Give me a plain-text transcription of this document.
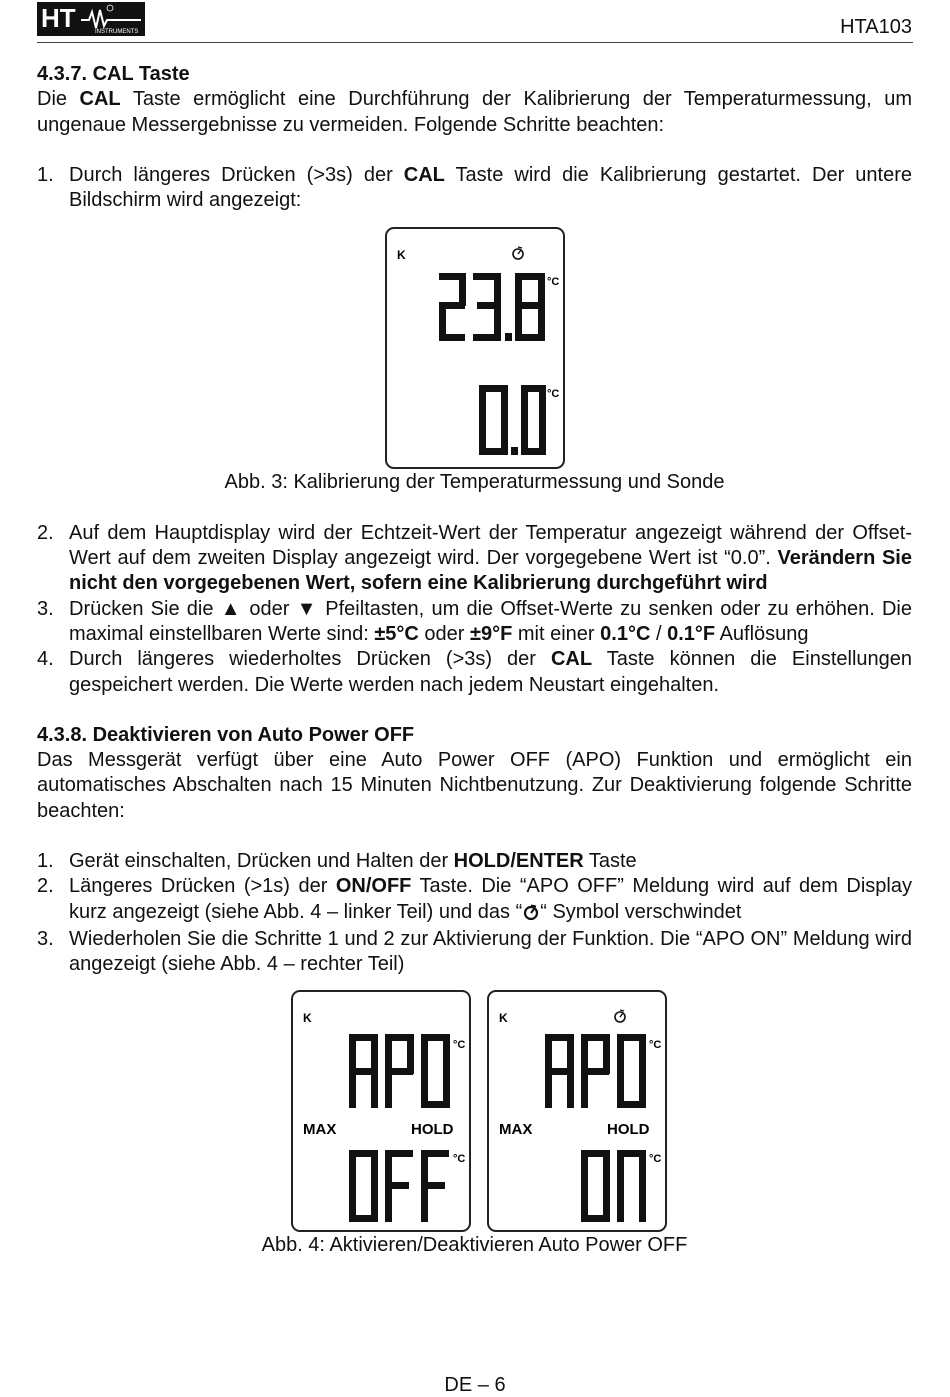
HT	INSTRUMENTS	HTA103

4.3.7. CAL Taste

Die CAL Taste ermöglicht eine Durchführung der Kalibrierung der Temperaturmessung, um ungenaue Messergebnisse zu vermeiden. Folgende Schritte beachten:

1. Durch längeres Drücken (>3s) der CAL Taste wird die Kalibrierung gestartet. Der untere Bildschirm wird angezeigt:
K
°C
°C

Abb. 3: Kalibrierung der Temperaturmessung und Sonde

2. Auf dem Hauptdisplay wird der Echtzeit-Wert der Temperatur angezeigt während der Offset-Wert auf dem zweiten Display angezeigt wird. Der vorgegebene Wert ist “0.0”. Verändern Sie nicht den vorgegebenen Wert, sofern eine Kalibrierung durchgeführt wird
3. Drücken Sie die ▲ oder ▼ Pfeiltasten, um die Offset-Werte zu senken oder zu erhöhen. Die maximal einstellbaren Werte sind: ±5°C oder ±9°F mit einer 0.1°C / 0.1°F Auflösung
4. Durch längeres wiederholtes Drücken (>3s) der CAL Taste können die Einstellungen gespeichert werden. Die Werte werden nach jedem Neustart eingehalten.

4.3.8. Deaktivieren von Auto Power OFF

Das Messgerät verfügt über eine Auto Power OFF (APO) Funktion und ermöglicht ein automatisches Abschalten nach 15 Minuten Nichtbenutzung. Zur Deaktivierung folgende Schritte beachten:

1. Gerät einschalten, Drücken und Halten der HOLD/ENTER Taste
2. Längeres Drücken (>1s) der ON/OFF Taste. Die “APO OFF” Meldung wird auf dem Display kurz angezeigt (siehe Abb. 4 – linker Teil) und das “ “ Symbol verschwindet
3. Wiederholen Sie die Schritte 1 und 2 zur Aktivierung der Funktion. Die “APO ON” Meldung wird angezeigt (siehe Abb. 4 – rechter Teil)
K
°C
MAX	HOLD
°C
K
°C
MAX	HOLD
°C

Abb. 4: Aktivieren/Deaktivieren Auto Power OFF

DE – 6
